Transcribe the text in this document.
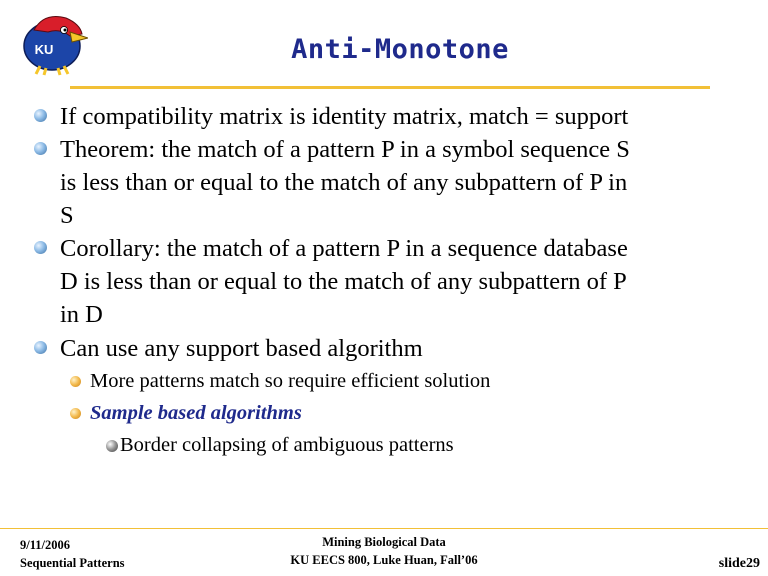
KU	Anti-Monotone
If compatibility matrix is identity matrix, match = support
Theorem: the match of a pattern P in a symbol sequence S
is less than or equal to the match of any subpattern of P in
S
Corollary: the match of a pattern P in a sequence database
D is less than or equal to the match of any subpattern of P
in D
Can use any support based algorithm
More patterns match so require efficient solution
Sample based algorithms
Border collapsing of ambiguous patterns
9/11/2006
Sequential Patterns
Mining Biological Data
KU EECS 800, Luke Huan, Fall’06	slide29
